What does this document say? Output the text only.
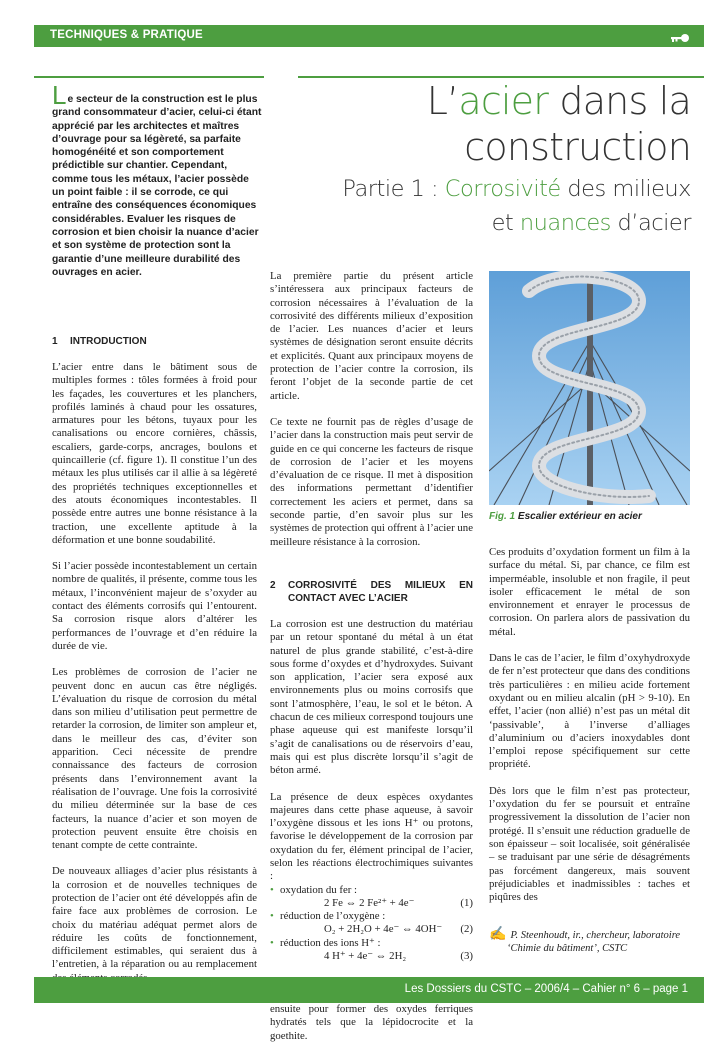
TECHNIQUES & PRATIQUE
Le secteur de la construction est le plus grand consommateur d’acier, celui-ci étant apprécié par les architectes et maîtres d’ouvrage pour sa légèreté, sa parfaite homogénéité et son comportement prédictible sur chantier. Cependant, comme tous les métaux, l’acier possède un point faible : il se corrode, ce qui entraîne des conséquences économiques considérables. Evaluer les risques de corrosion et bien choisir la nuance d’acier et son système de protection sont la garantie d’une meilleure durabilité des ouvrages en acier.
L’acier dans la
construction
Partie 1 : Corrosivité des milieux
et nuances d’acier
1	INTRODUCTION

L’acier entre dans le bâtiment sous de multiples formes : tôles formées à froid pour les façades, les couvertures et les planchers, profilés laminés à chaud pour les ossatures, armatures pour les bétons, tuyaux pour les canalisations ou encore cornières, châssis, escaliers, garde-corps, ancrages, boulons et quincaillerie (cf. figure 1). Il constitue l’un des métaux les plus utilisés car il allie à sa légèreté des propriétés techniques exceptionnelles et des atouts économiques incontestables. Il possède entre autres une bonne résistance à la traction, une excellente aptitude à la déformation et une bonne soudabilité.

Si l’acier possède incontestablement un certain nombre de qualités, il présente, comme tous les métaux, l’inconvénient majeur de s’oxyder au contact des éléments corrosifs qui l’entourent. Sa corrosion risque alors d’altérer les performances de l’ouvrage et d’en réduire la durée de vie.

Les problèmes de corrosion de l’acier ne peuvent donc en aucun cas être négligés. L’évaluation du risque de corrosion du métal dans son milieu d’utilisation peut permettre de retarder la corrosion, de limiter son ampleur et, dans le meilleur des cas, d’éviter son apparition. Ceci nécessite de prendre connaissance des facteurs de corrosion présents dans l’environnement avant la réalisation de l’ouvrage. Une fois la corrosivité du milieu déterminée sur la base de ces facteurs, la nuance d’acier et son moyen de protection peuvent ensuite être choisis en tenant compte de cette contrainte.

De nouveaux alliages d’acier plus résistants à la corrosion et de nouvelles techniques de protection de l’acier ont été développés afin de faire face aux problèmes de corrosion. Le choix du matériau adéquat permet alors de réduire les coûts de fonctionnement, difficilement estimables, qui seraient dus à l’entretien, à la réparation ou au remplacement

La première partie du présent article s’intéressera aux principaux facteurs de corrosion nécessaires à l’évaluation de la corrosivité des différents milieux d’exposition de l’acier. Les nuances d’acier et leurs systèmes de désignation seront ensuite décrits et explicités. Quant aux principaux moyens de protection de l’acier contre la corrosion, ils feront l’objet de la seconde partie de cet article.

Ce texte ne fournit pas de règles d’usage de l’acier dans la construction mais peut servir de guide en ce qui concerne les facteurs de risque de corrosion de l’acier et les moyens d’évaluation de ce risque. Il met à disposition des informations permettant d’identifier correctement les aciers et permet, dans sa seconde partie, d’en savoir plus sur les systèmes de protection qui offrent à l’acier une meilleure résistance à la corrosion.

2	CORROSIVITÉ DES MILIEUX EN CONTACT AVEC L’ACIER

La corrosion est une destruction du matériau par un retour spontané du métal à un état naturel de plus grande stabilité, c’est-à-dire sous forme d’oxydes et d’hydroxydes. Suivant son application, l’acier sera exposé aux environnements plus ou moins corrosifs que sont l’atmosphère, l’eau, le sol et le béton. A chacun de ces milieux correspond toujours une phase aqueuse qui est manifeste lorsqu’il s’agit de canalisations ou de réservoirs d’eau, mais qui est plus discrète lorsqu’il s’agit de béton armé.

La présence de deux espèces oxydantes majeures dans cette phase aqueuse, à savoir l’oxygène dissous et les ions H⁺ ou protons, favorise le développement de la corrosion par oxydation du fer, élément principal de l’acier, selon les réactions électrochimiques suivantes :

• oxydation du fer :
2 Fe ⇔ 2 Fe²⁺ + 4e⁻	(1)
• réduction de l’oxygène :
O₂ + 2H₂O + 4e⁻ ⇔ 4OH⁻	(2)
• réduction des ions H⁺ :
4 H⁺ + 4e⁻ ⇔ 2H₂	(3)

ensuite pour former des oxydes ferriques hydratés tels que la lépidocrocite et la goethite.

Fig. 1 Escalier extérieur en acier

Ces produits d’oxydation forment un film à la surface du métal. Si, par chance, ce film est imperméable, insoluble et non fragile, il peut isoler efficacement le métal de son environnement et enrayer le processus de corrosion. On parlera alors de passivation du métal.

Dans le cas de l’acier, le film d’oxyhydroxyde de fer n’est protecteur que dans des conditions très particulières : en milieu acide fortement oxydant ou en milieu alcalin (pH > 9-10). En effet, l’acier (non allié) n’est pas un métal dit ‘passivable’, à l’inverse d’alliages d’aluminium ou d’aciers inoxydables dont l’emploi repose spécifiquement sur cette propriété.

Dès lors que le film n’est pas protecteur, l’oxydation du fer se poursuit et entraîne progressivement la dissolution de l’acier non protégé. Il s’ensuit une réduction graduelle de son épaisseur – soit localisée, soit généralisée – se traduisant par une série de désagréments pas forcément dangereux, mais souvent préjudiciables et inadmissibles : taches et piqûres des

✍ P. Steenhoudt, ir., chercheur, laboratoire
‘Chimie du bâtiment’, CSTC
Les Dossiers du CSTC – 2006/4 – Cahier n° 6 – page 1
